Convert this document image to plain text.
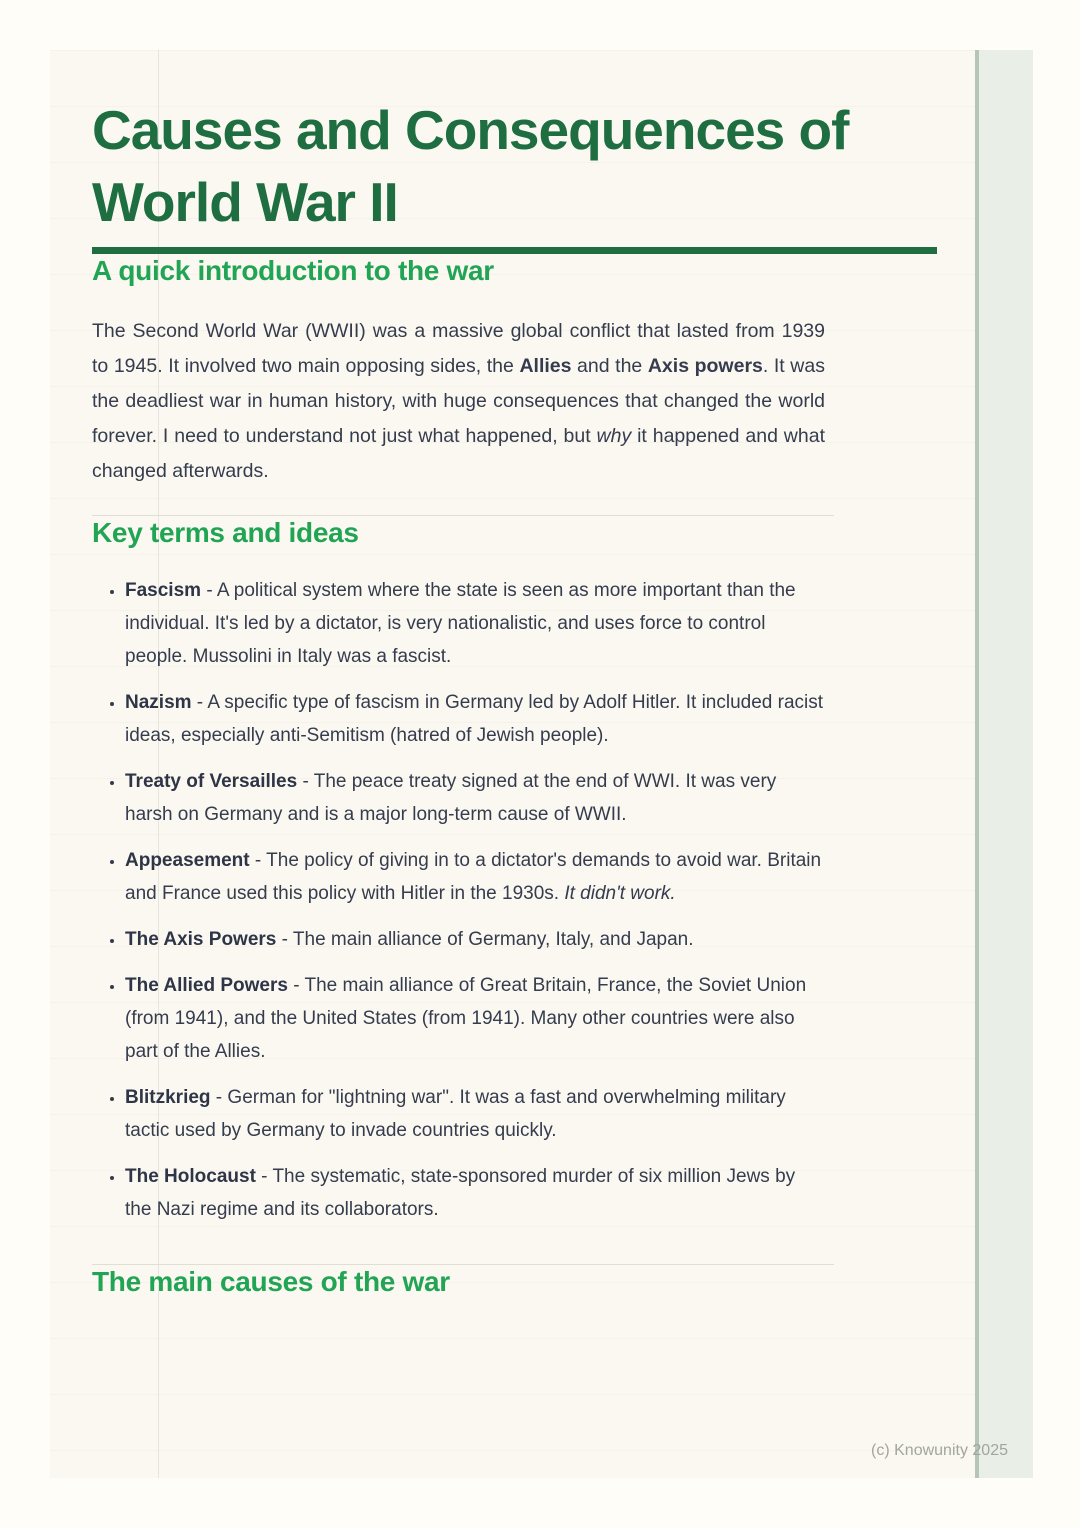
Causes and Consequences of World War II
A quick introduction to the war

The Second World War (WWII) was a massive global conflict that lasted from 1939 to 1945. It involved two main opposing sides, the Allies and the Axis powers. It was the deadliest war in human history, with huge consequences that changed the world forever. I need to understand not just what happened, but why it happened and what changed afterwards.

Key terms and ideas
• Fascism - A political system where the state is seen as more important than the individual. It's led by a dictator, is very nationalistic, and uses force to control people. Mussolini in Italy was a fascist.
• Nazism - A specific type of fascism in Germany led by Adolf Hitler. It included racist ideas, especially anti-Semitism (hatred of Jewish people).
• Treaty of Versailles - The peace treaty signed at the end of WWI. It was very harsh on Germany and is a major long-term cause of WWII.
• Appeasement - The policy of giving in to a dictator's demands to avoid war. Britain and France used this policy with Hitler in the 1930s. It didn't work.
• The Axis Powers - The main alliance of Germany, Italy, and Japan.
• The Allied Powers - The main alliance of Great Britain, France, the Soviet Union (from 1941), and the United States (from 1941). Many other countries were also part of the Allies.
• Blitzkrieg - German for "lightning war". It was a fast and overwhelming military tactic used by Germany to invade countries quickly.
• The Holocaust - The systematic, state-sponsored murder of six million Jews by the Nazi regime and its collaborators.
The main causes of the war
(c) Knowunity 2025
